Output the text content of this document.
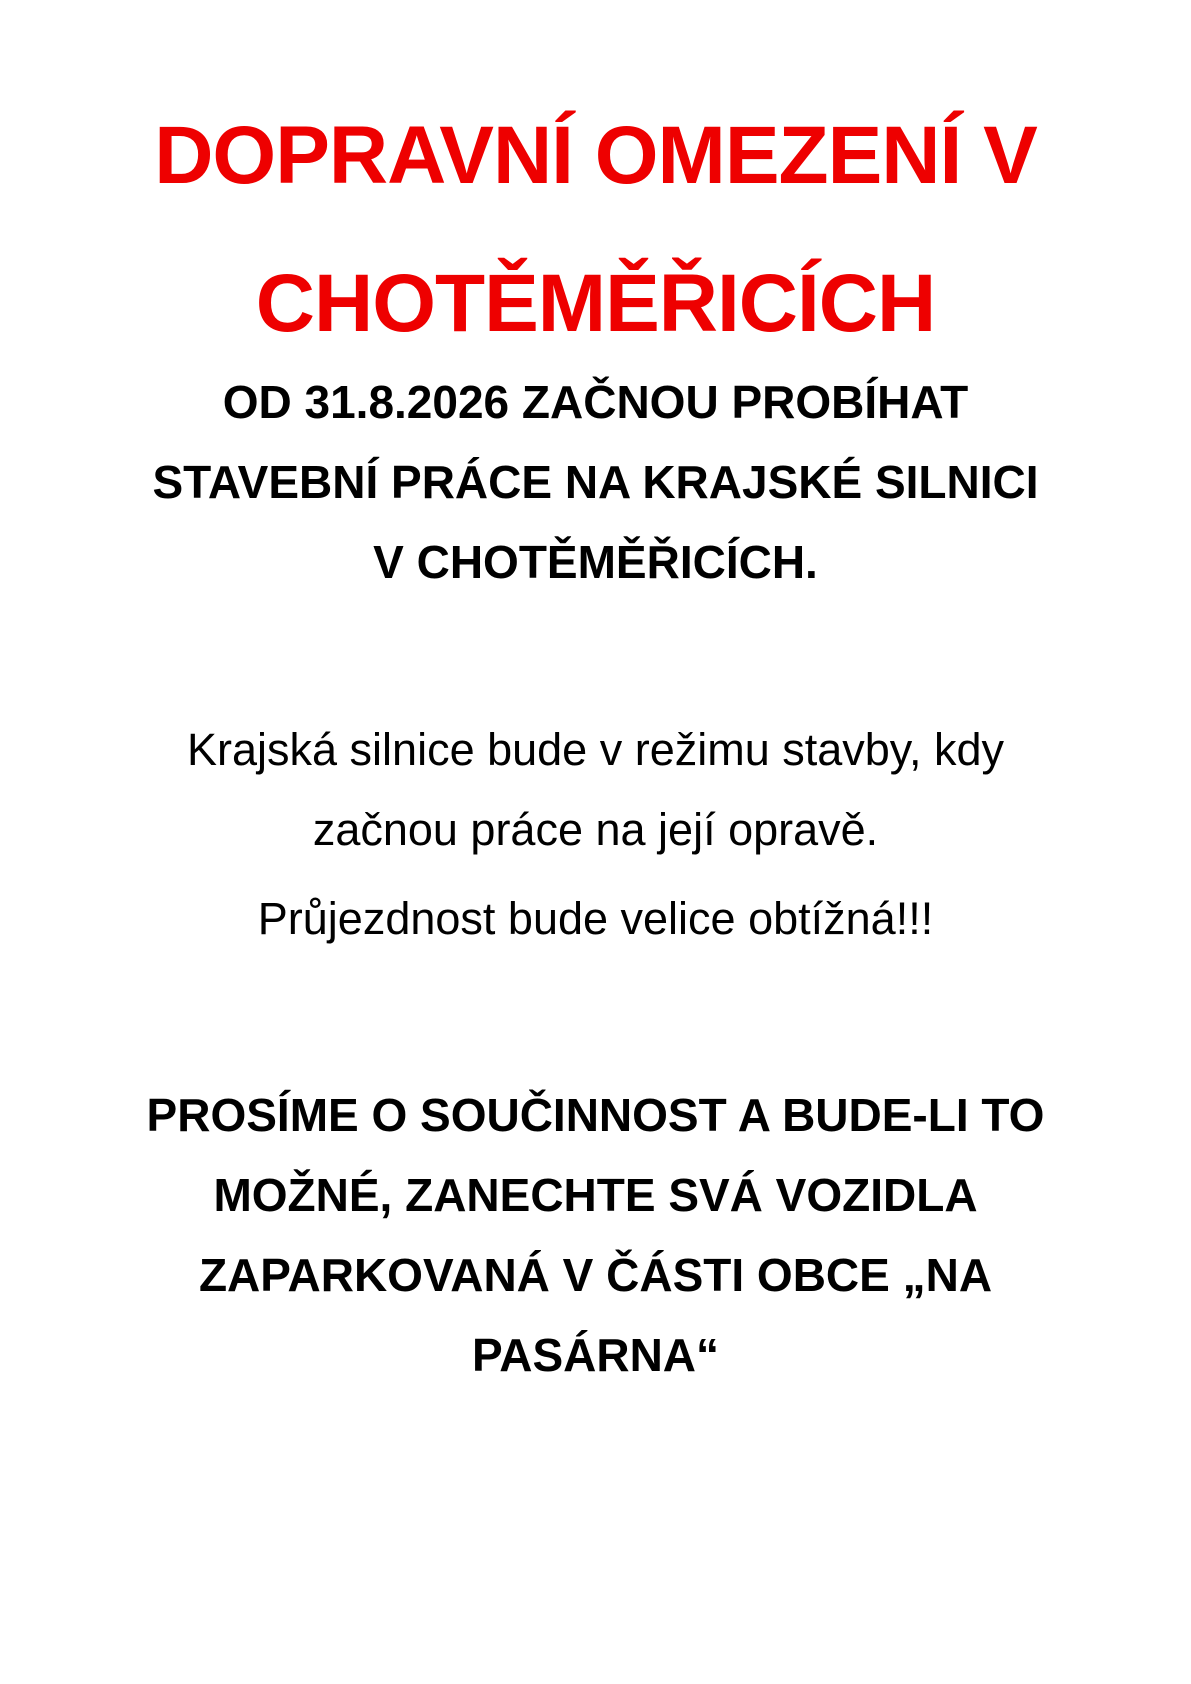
DOPRAVNÍ OMEZENÍ V
CHOTĚMĚŘICÍCH
OD 31.8.2026 ZAČNOU PROBÍHAT
STAVEBNÍ PRÁCE NA KRAJSKÉ SILNICI
V CHOTĚMĚŘICÍCH.
Krajská silnice bude v režimu stavby, kdy
začnou práce na její opravě.
Průjezdnost bude velice obtížná!!!
PROSÍME O SOUČINNOST A BUDE-LI TO
MOŽNÉ, ZANECHTE SVÁ VOZIDLA
ZAPARKOVANÁ V ČÁSTI OBCE „NA
PASÁRNA“
